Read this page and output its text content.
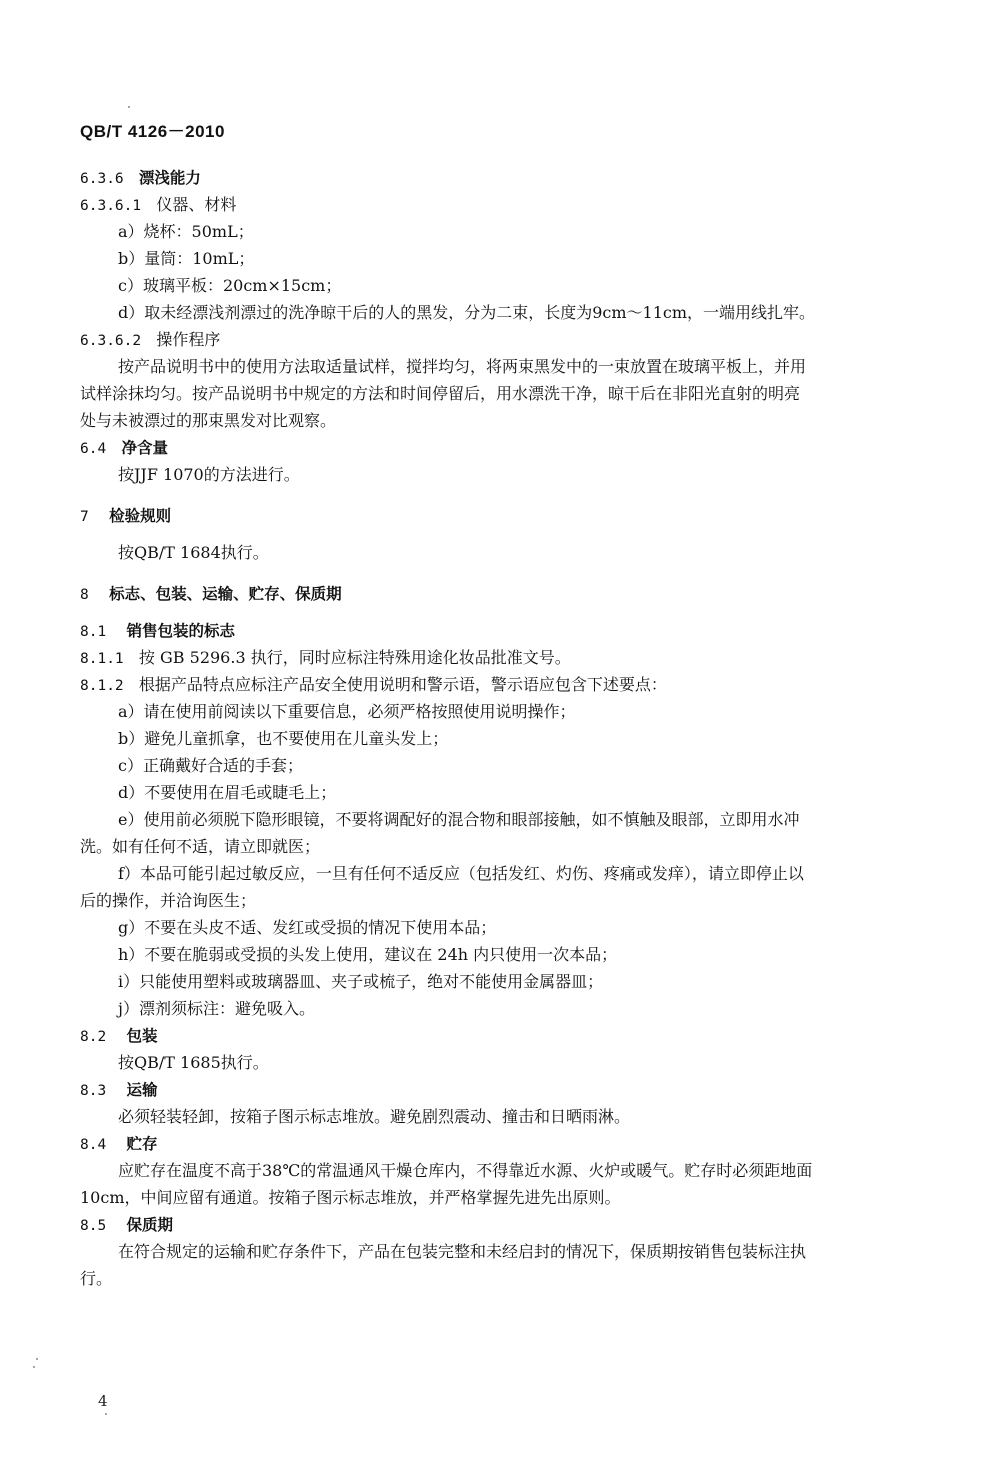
QB/T 4126－2010
6.3.6 漂浅能力
6.3.6.1 仪器、材料
a）烧杯：50mL；
b）量筒：10mL；
c）玻璃平板：20cm×15cm；
d）取未经漂浅剂漂过的洗净晾干后的人的黑发，分为二束，长度为9cm～11cm，一端用线扎牢。
6.3.6.2 操作程序
按产品说明书中的使用方法取适量试样，搅拌均匀，将两束黑发中的一束放置在玻璃平板上，并用
试样涂抹均匀。按产品说明书中规定的方法和时间停留后，用水漂洗干净，晾干后在非阳光直射的明亮
处与未被漂过的那束黑发对比观察。
6.4 净含量
按JJF 1070的方法进行。
7 检验规则
按QB/T 1684执行。
8 标志、包装、运输、贮存、保质期
8.1 销售包装的标志
8.1.1 按 GB 5296.3 执行，同时应标注特殊用途化妆品批准文号。
8.1.2 根据产品特点应标注产品安全使用说明和警示语，警示语应包含下述要点：
a）请在使用前阅读以下重要信息，必须严格按照使用说明操作；
b）避免儿童抓拿，也不要使用在儿童头发上；
c）正确戴好合适的手套；
d）不要使用在眉毛或睫毛上；
e）使用前必须脱下隐形眼镜，不要将调配好的混合物和眼部接触，如不慎触及眼部，立即用水冲
洗。如有任何不适，请立即就医；
f）本品可能引起过敏反应，一旦有任何不适反应（包括发红、灼伤、疼痛或发痒），请立即停止以
后的操作，并洽询医生；
g）不要在头皮不适、发红或受损的情况下使用本品；
h）不要在脆弱或受损的头发上使用，建议在 24h 内只使用一次本品；
i）只能使用塑料或玻璃器皿、夹子或梳子，绝对不能使用金属器皿；
j）漂剂须标注：避免吸入。
8.2 包装
按QB/T 1685执行。
8.3 运输
必须轻装轻卸，按箱子图示标志堆放。避免剧烈震动、撞击和日晒雨淋。
8.4 贮存
应贮存在温度不高于38℃的常温通风干燥仓库内，不得靠近水源、火炉或暖气。贮存时必须距地面
10cm，中间应留有通道。按箱子图示标志堆放，并严格掌握先进先出原则。
8.5 保质期
在符合规定的运输和贮存条件下，产品在包装完整和未经启封的情况下，保质期按销售包装标注执
行。
4
